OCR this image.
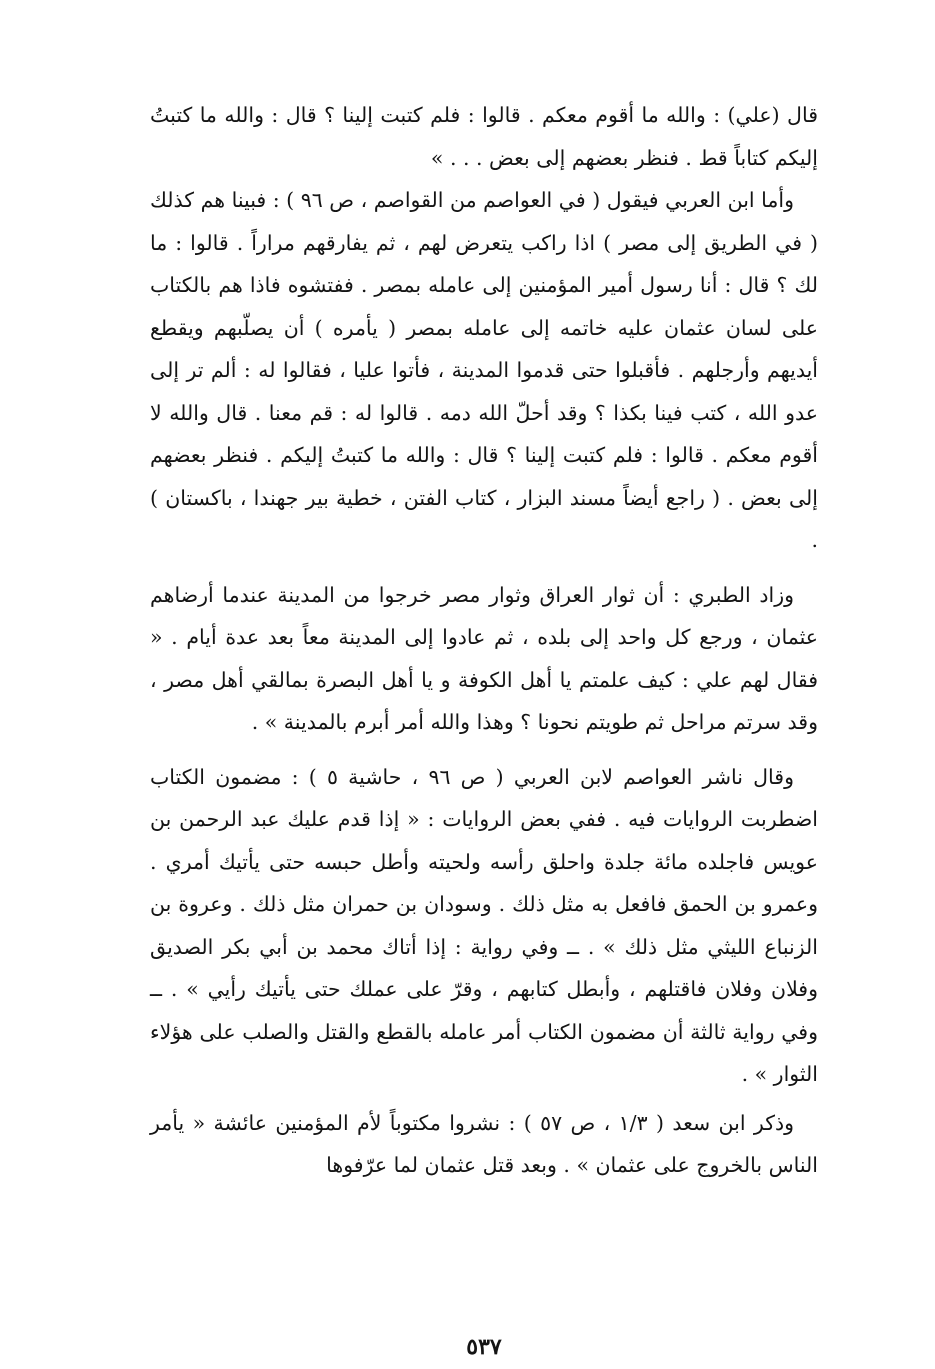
قال (علي) : والله ما أقوم معكم . قالوا : فلم كتبت إلينا ؟ قال : والله ما كتبتُ إليكم كتاباً قط . فنظر بعضهم إلى بعض . . . »

وأما ابن العربي فيقول ( في العواصم من القواصم ، ص ٩٦ ) : فبينا هم كذلك ( في الطريق إلى مصر ) اذا راكب يتعرض لهم ، ثم يفارقهم مراراً . قالوا : ما لك ؟ قال : أنا رسول أمير المؤمنين إلى عامله بمصر . ففتشوه فاذا هم بالكتاب على لسان عثمان عليه خاتمه إلى عامله بمصر ( يأمره ) أن يصلّبهم ويقطع أيديهم وأرجلهم . فأقبلوا حتى قدموا المدينة ، فأتوا عليا ، فقالوا له : ألم تر إلى عدو الله ، كتب فينا بكذا ؟ وقد أحلّ الله دمه . قالوا له : قم معنا . قال والله لا أقوم معكم . قالوا : فلم كتبت إلينا ؟ قال : والله ما كتبتُ إليكم . فنظر بعضهم إلى بعض . ( راجع أيضاً مسند البزار ، كتاب الفتن ، خطية بير جهندا ، باكستان ) .

وزاد الطبري : أن ثوار العراق وثوار مصر خرجوا من المدينة عندما أرضاهم عثمان ، ورجع كل واحد إلى بلده ، ثم عادوا إلى المدينة معاً بعد عدة أيام . « فقال لهم علي : كيف علمتم يا أهل الكوفة و يا أهل البصرة بمالقي أهل مصر ، وقد سرتم مراحل ثم طويتم نحونا ؟ وهذا والله أمر أبرم بالمدينة » .

وقال ناشر العواصم لابن العربي ( ص ٩٦ ، حاشية ٥ ) : مضمون الكتاب اضطربت الروايات فيه . ففي بعض الروايات : « إذا قدم عليك عبد الرحمن بن عويس فاجلده مائة جلدة واحلق رأسه ولحيته وأطل حبسه حتى يأتيك أمري . وعمرو بن الحمق فافعل به مثل ذلك . وسودان بن حمران مثل ذلك . وعروة بن الزنباع الليثي مثل ذلك » . ــ وفي رواية : إذا أتاك محمد بن أبي بكر الصديق وفلان وفلان فاقتلهم ، وأبطل كتابهم ، وقرّ على عملك حتى يأتيك رأيي » . ــ وفي رواية ثالثة أن مضمون الكتاب أمر عامله بالقطع والقتل والصلب على هؤلاء الثوار » .

وذكر ابن سعد ( ١/٣ ، ص ٥٧ ) : نشروا مكتوباً لأم المؤمنين عائشة « يأمر الناس بالخروج على عثمان » . وبعد قتل عثمان لما عرّفوها

٥٣٧
